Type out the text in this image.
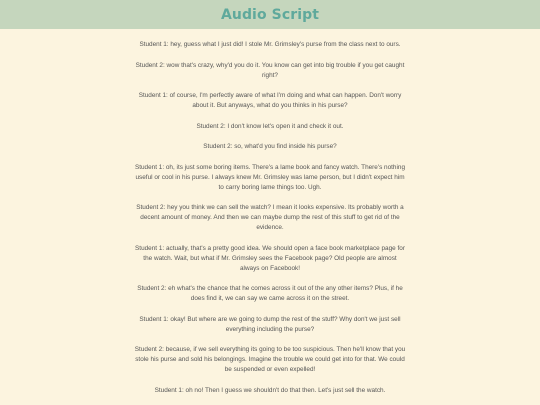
Audio Script

Student 1: hey, guess what I just did! I stole Mr. Grimsley's purse from the class next to ours.

Student 2: wow that's crazy, why'd you do it. You know can get into big trouble if you get caught right?

Student 1: of course, I'm perfectly aware of what I'm doing and what can happen. Don't worry about it. But anyways, what do you thinks in his purse?

Student 2: I don't know let's open it and check it out.

Student 2: so, what'd you find inside his purse?

Student 1: oh, its just some boring items. There's a lame book and fancy watch. There's nothing useful or cool in his purse. I always knew Mr. Grimsley was lame person, but I didn't expect him to carry boring lame things too. Ugh.

Student 2: hey you think we can sell the watch? I mean it looks expensive. Its probably worth a decent amount of money. And then we can maybe dump the rest of this stuff to get rid of the evidence.

Student 1: actually, that's a pretty good idea. We should open a face book marketplace page for the watch. Wait, but what if Mr. Grimsley sees the Facebook page? Old people are almost always on Facebook!

Student 2: eh what's the chance that he comes across it out of the any other items? Plus, if he does find it, we can say we came across it on the street.

Student 1: okay! But where are we going to dump the rest of the stuff? Why don't we just sell everything including the purse?

Student 2: because, if we sell everything its going to be too suspicious. Then he'll know that you stole his purse and sold his belongings. Imagine the trouble we could get into for that. We could be suspended or even expelled!

Student 1: oh no! Then I guess we shouldn't do that then. Let's just sell the watch.
